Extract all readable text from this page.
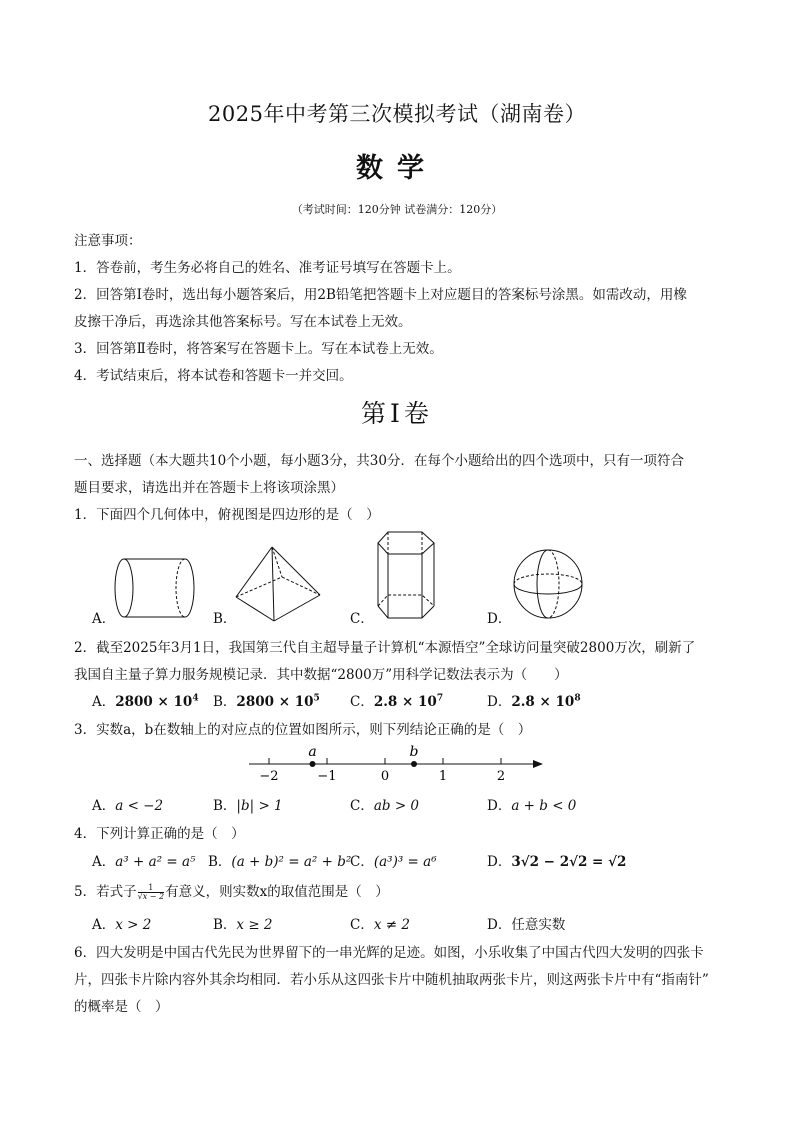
2025年中考第三次模拟考试（湖南卷）
数学
（考试时间：120分钟 试卷满分：120分）
注意事项：
1．答卷前，考生务必将自己的姓名、准考证号填写在答题卡上。
2．回答第Ⅰ卷时，选出每小题答案后，用2B铅笔把答题卡上对应题目的答案标号涂黑。如需改动，用橡
皮擦干净后，再选涂其他答案标号。写在本试卷上无效。
3．回答第Ⅱ卷时，将答案写在答题卡上。写在本试卷上无效。
4．考试结束后，将本试卷和答题卡一并交回。
第Ⅰ卷
一、选择题（本大题共10个小题，每小题3分，共30分．在每个小题给出的四个选项中，只有一项符合
题目要求，请选出并在答题卡上将该项涂黑）
1．下面四个几何体中，俯视图是四边形的是（　）
A．	B．	C．	D．
2．截至2025年3月1日，我国第三代自主超导量子计算机“本源悟空”全球访问量突破2800万次，刷新了
我国自主量子算力服务规模记录．其中数据“2800万”用科学记数法表示为（　　）
A．$2800 \times 10^4$ B．$2800 \times 10^5$ C．$2.8 \times 10^7$	D．$2.8 \times 10^8$
3．实数a，b在数轴上的对应点的位置如图所示，则下列结论正确的是（　）
−2	−1	0	1	2
a	b
A．a < −2	B．|b| > 1	C．ab > 0	D．a + b < 0
4．下列计算正确的是（　）
A．a³ + a² = a⁵ B．(a + b)² = a² + b²
C．(a³)³ = a⁶	D．3√2 − 2√2 = √2
5．若式子 $\frac{1}{√x - 2}$ 有意义，则实数x的取值范围是（　）
A．x > 2	B．x ≥ 2	C．x ≠ 2	D．任意实数
6．四大发明是中国古代先民为世界留下的一串光辉的足迹。如图，小乐收集了中国古代四大发明的四张卡
片，四张卡片除内容外其余均相同．若小乐从这四张卡片中随机抽取两张卡片，则这两张卡片中有“指南针”
的概率是（　）
